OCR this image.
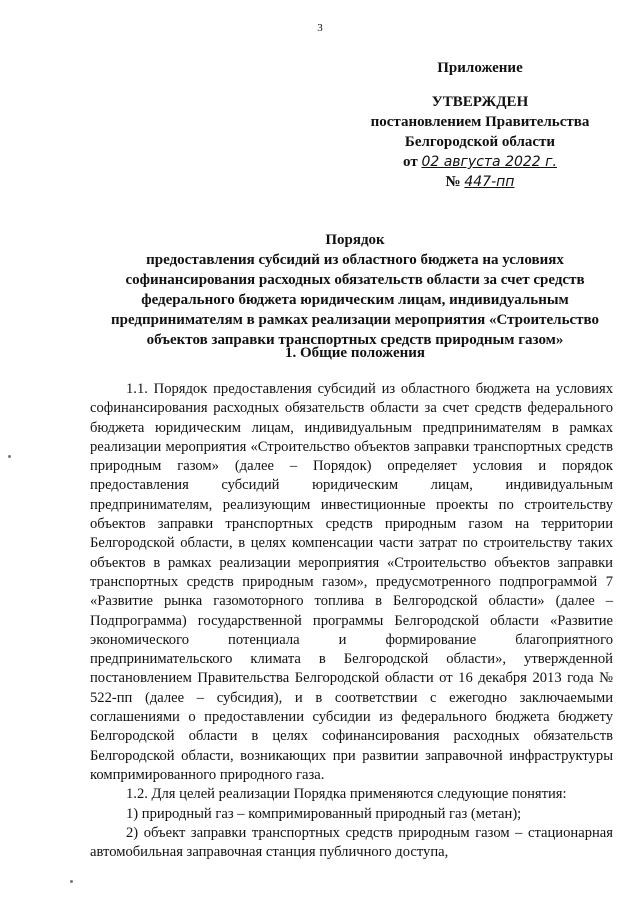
3
Приложение
УТВЕРЖДЕН
постановлением Правительства
Белгородской области
от 02 августа 2022 г.
№ 447-пп
Порядок
предоставления субсидий из областного бюджета на условиях
софинансирования расходных обязательств области за счет средств
федерального бюджета юридическим лицам, индивидуальным
предпринимателям в рамках реализации мероприятия «Строительство
объектов заправки транспортных средств природным газом»
1. Общие положения

1.1. Порядок предоставления субсидий из областного бюджета на условиях софинансирования расходных обязательств области за счет средств федерального бюджета юридическим лицам, индивидуальным предпринимателям в рамках реализации мероприятия «Строительство объектов заправки транспортных средств природным газом» (далее – Порядок) определяет условия и порядок предоставления субсидий юридическим лицам, индивидуальным предпринимателям, реализующим инвестиционные проекты по строительству объектов заправки транспортных средств природным газом на территории Белгородской области, в целях компенсации части затрат по строительству таких объектов в рамках реализации мероприятия «Строительство объектов заправки транспортных средств природным газом», предусмотренного подпрограммой 7 «Развитие рынка газомоторного топлива в Белгородской области» (далее – Подпрограмма) государственной программы Белгородской области «Развитие экономического потенциала и формирование благоприятного предпринимательского климата в Белгородской области», утвержденной постановлением Правительства Белгородской области от 16 декабря 2013 года № 522-пп (далее – субсидия), и в соответствии с ежегодно заключаемыми соглашениями о предоставлении субсидии из федерального бюджета бюджету Белгородской области в целях софинансирования расходных обязательств Белгородской области, возникающих при развитии заправочной инфраструктуры компримированного природного газа.

1.2. Для целей реализации Порядка применяются следующие понятия:

1) природный газ – компримированный природный газ (метан);

2) объект заправки транспортных средств природным газом – стационарная автомобильная заправочная станция публичного доступа,
